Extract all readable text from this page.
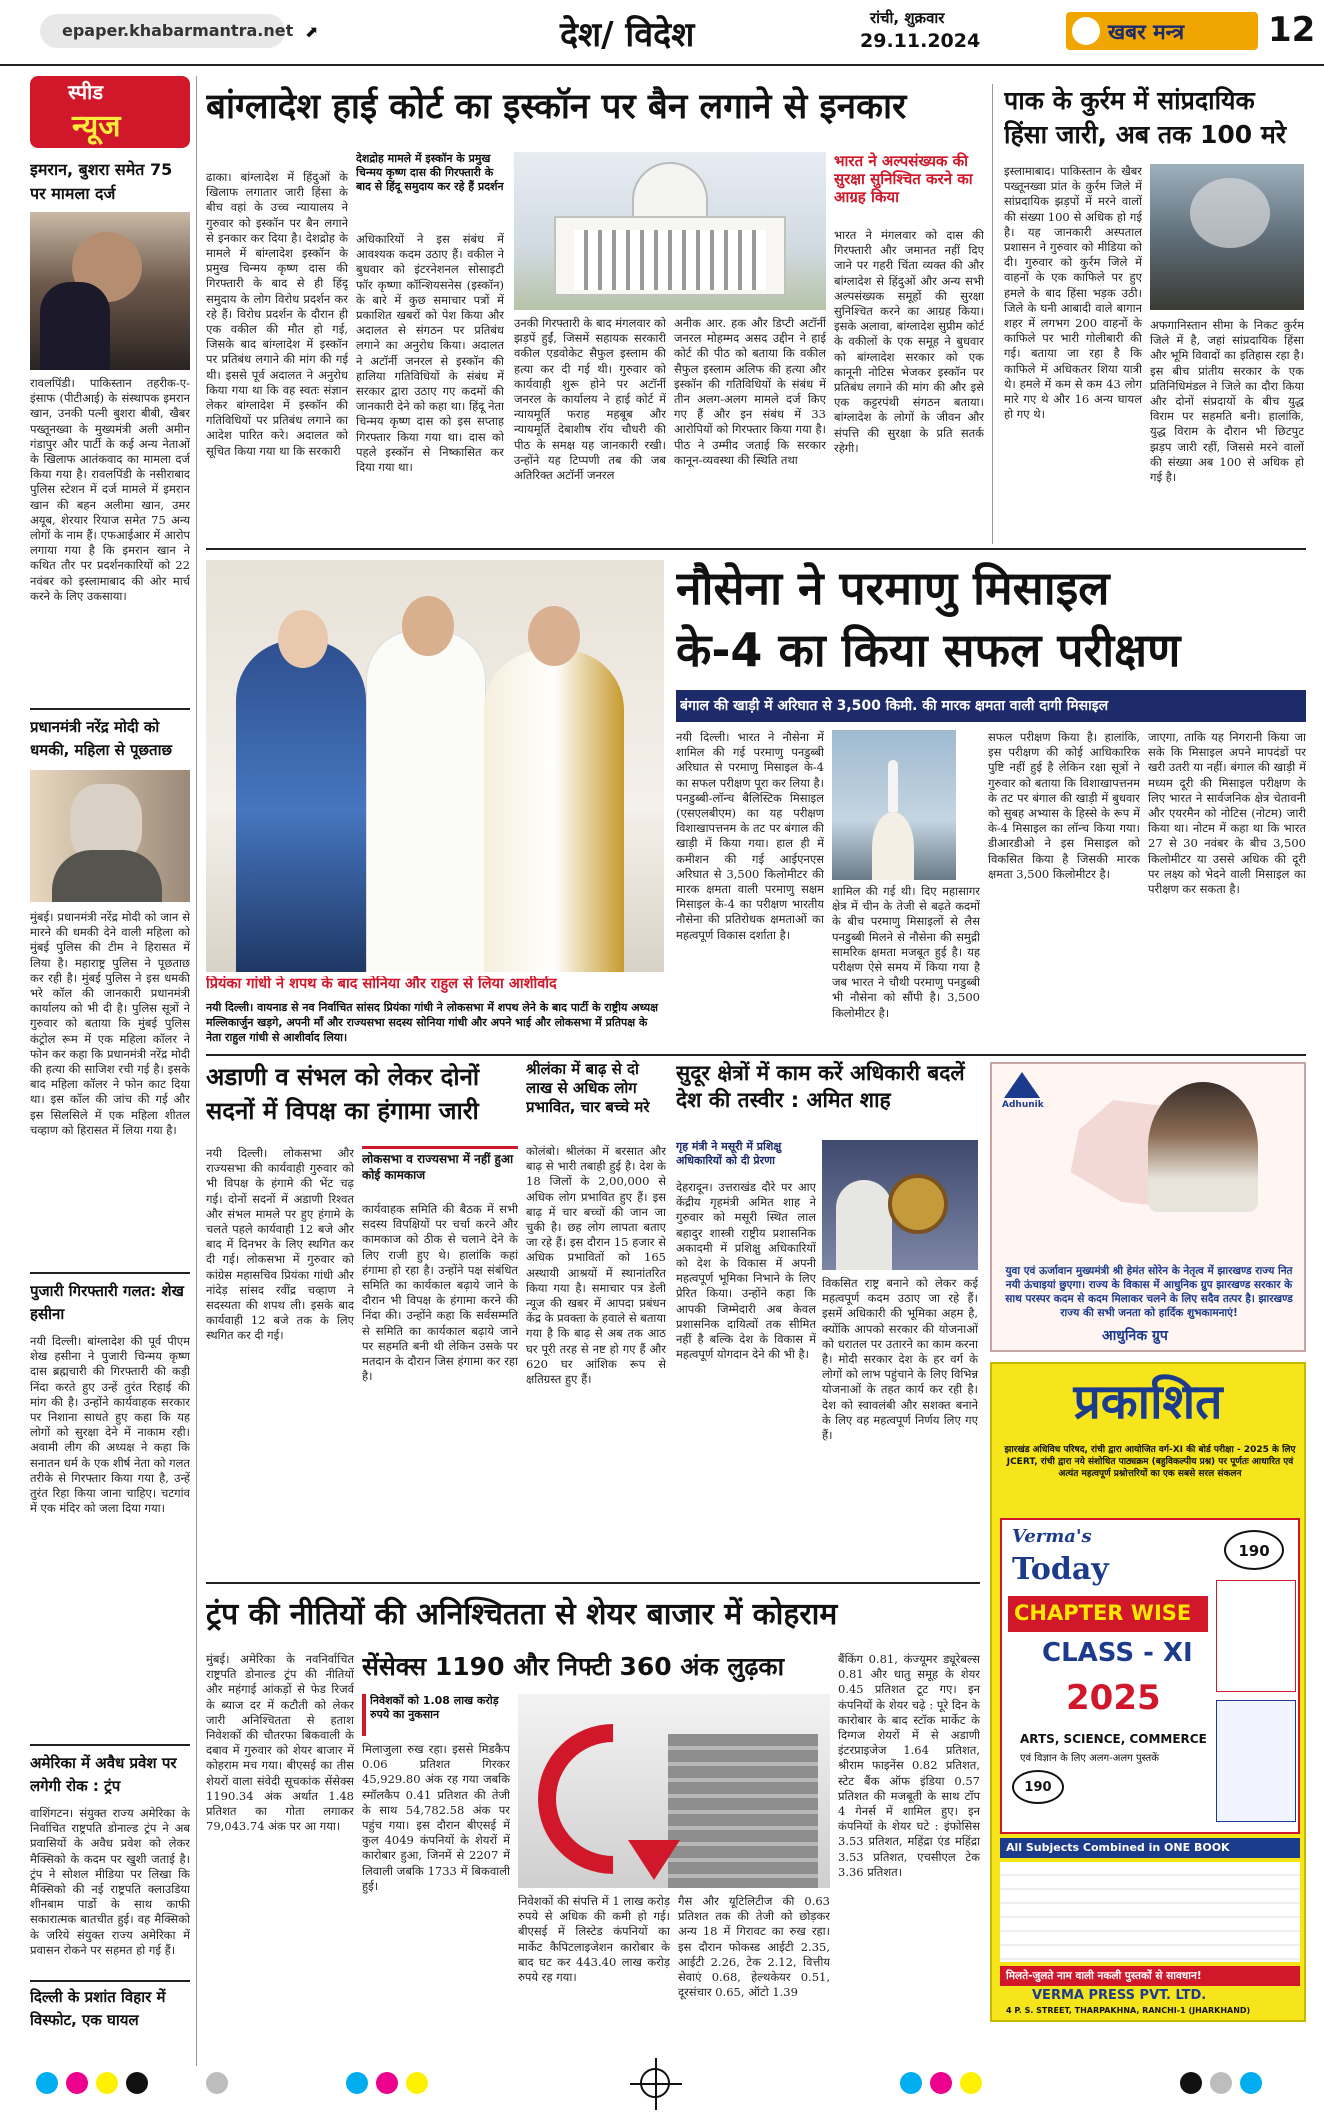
epaper.khabarmantra.net ⬈	देश/ विदेश	रांची, शुक्रवार
29.11.2024	खबर मन्त्र 12
स्पीड
न्यूज
इमरान, बुशरा समेत 75 पर मामला दर्ज
रावलपिंडी। पाकिस्तान तहरीक-ए-इंसाफ (पीटीआई) के संस्थापक इमरान खान, उनकी पत्नी बुशरा बीबी, खैबर पख्तूनख्वा के मुख्यमंत्री अली अमीन गंडापुर और पार्टी के कई अन्य नेताओं के खिलाफ आतंकवाद का मामला दर्ज किया गया है। रावलपिंडी के नसीराबाद पुलिस स्टेशन में दर्ज मामले में इमरान खान की बहन अलीमा खान, उमर अयूब, शेरयार रियाज समेत 75 अन्य लोगों के नाम हैं। एफआईआर में आरोप लगाया गया है कि इमरान खान ने कथित तौर पर प्रदर्शनकारियों को 22 नवंबर को इस्लामाबाद की ओर मार्च करने के लिए उकसाया।
प्रधानमंत्री नरेंद्र मोदी को धमकी, महिला से पूछताछ
मुंबई। प्रधानमंत्री नरेंद्र मोदी को जान से मारने की धमकी देने वाली महिला को मुंबई पुलिस की टीम ने हिरासत में लिया है। महाराष्ट्र पुलिस ने पूछताछ कर रही है। मुंबई पुलिस ने इस धमकी भरे कॉल की जानकारी प्रधानमंत्री कार्यालय को भी दी है। पुलिस सूत्रों ने गुरुवार को बताया कि मुंबई पुलिस कंट्रोल रूम में एक महिला कॉलर ने फोन कर कहा कि प्रधानमंत्री नरेंद्र मोदी की हत्या की साजिश रची गई है। इसके बाद महिला कॉलर ने फोन काट दिया था। इस कॉल की जांच की गई और इस सिलसिले में एक महिला शीतल चव्हाण को हिरासत में लिया गया है।
पुजारी गिरफ्तारी गलत: शेख हसीना
नयी दिल्ली। बांग्लादेश की पूर्व पीएम शेख हसीना ने पुजारी चिन्मय कृष्ण दास ब्रह्मचारी की गिरफ्तारी की कड़ी निंदा करते हुए उन्हें तुरंत रिहाई की मांग की है। उन्होंने कार्यवाहक सरकार पर निशाना साधते हुए कहा कि यह लोगों को सुरक्षा देने में नाकाम रही। अवामी लीग की अध्यक्ष ने कहा कि सनातन धर्म के एक शीर्ष नेता को गलत तरीके से गिरफ्तार किया गया है, उन्हें तुरंत रिहा किया जाना चाहिए। चटगांव में एक मंदिर को जला दिया गया।
अमेरिका में अवैध प्रवेश पर लगेगी रोक : ट्रंप
वाशिंगटन। संयुक्त राज्य अमेरिका के निर्वाचित राष्ट्रपति डोनाल्ड ट्रंप ने अब प्रवासियों के अवैध प्रवेश को लेकर मैक्सिको के कदम पर खुशी जताई है। ट्रंप ने सोशल मीडिया पर लिखा कि मैक्सिको की नई राष्ट्रपति क्लाउडिया शीनबाम पार्डो के साथ काफी सकारात्मक बातचीत हुई। वह मैक्सिको के जरिये संयुक्त राज्य अमेरिका में प्रवासन रोकने पर सहमत हो गई हैं।
दिल्ली के प्रशांत विहार में विस्फोट, एक घायल
बांग्लादेश हाई कोर्ट का इस्कॉन पर बैन लगाने से इनकार
देशद्रोह मामले में इस्कॉन के प्रमुख चिन्मय कृष्ण दास की गिरफ्तारी के बाद से हिंदू समुदाय कर रहे हैं प्रदर्शन
ढाका। बांग्लादेश में हिंदुओं के खिलाफ लगातार जारी हिंसा के बीच वहां के उच्च न्यायालय ने गुरुवार को इस्कॉन पर बैन लगाने से इनकार कर दिया है। देशद्रोह के मामले में बांग्लादेश इस्कॉन के प्रमुख चिन्मय कृष्ण दास की गिरफ्तारी के बाद से ही हिंदू समुदाय के लोग विरोध प्रदर्शन कर रहे हैं। विरोध प्रदर्शन के दौरान ही एक वकील की मौत हो गई, जिसके बाद बांग्लादेश में इस्कॉन पर प्रतिबंध लगाने की मांग की गई थी। इससे पूर्व अदालत ने अनुरोध किया गया था कि वह स्वतः संज्ञान लेकर बांग्लादेश में इस्कॉन की गतिविधियों पर प्रतिबंध लगाने का आदेश पारित करे। अदालत को सूचित किया गया था कि सरकारी
अधिकारियों ने इस संबंध में आवश्यक कदम उठाए हैं। वकील ने बुधवार को इंटरनेशनल सोसाइटी फॉर कृष्णा कॉन्शियसनेस (इस्कॉन) के बारे में कुछ समाचार पत्रों में प्रकाशित खबरों को पेश किया और अदालत से संगठन पर प्रतिबंध लगाने का अनुरोध किया। अदालत ने अटॉर्नी जनरल से इस्कॉन की हालिया गतिविधियों के संबंध में सरकार द्वारा उठाए गए कदमों की जानकारी देने को कहा था। हिंदू नेता चिन्मय कृष्ण दास को इस सप्ताह गिरफ्तार किया गया था। दास को पहले इस्कॉन से निष्कासित कर दिया गया था।
उनकी गिरफ्तारी के बाद मंगलवार को झड़पें हुईं, जिसमें सहायक सरकारी वकील एडवोकेट सैफुल इस्लाम की हत्या कर दी गई थी। गुरुवार को कार्यवाही शुरू होने पर अटॉर्नी जनरल के कार्यालय ने हाई कोर्ट में न्यायमूर्ति फराह महबूब और न्यायमूर्ति देबाशीष रॉय चौधरी की पीठ के समक्ष यह जानकारी रखी। उन्होंने यह टिप्पणी तब की जब अतिरिक्त अटॉर्नी जनरल
अनीक आर. हक और डिप्टी अटॉर्नी जनरल मोहम्मद असद उद्दीन ने हाई कोर्ट की पीठ को बताया कि वकील सैफुल इस्लाम अलिफ की हत्या और इस्कॉन की गतिविधियों के संबंध में तीन अलग-अलग मामले दर्ज किए गए हैं और इन संबंध में 33 आरोपियों को गिरफ्तार किया गया है। पीठ ने उम्मीद जताई कि सरकार कानून-व्यवस्था की स्थिति तथा
भारत ने अल्पसंख्यक की सुरक्षा सुनिश्चित करने का आग्रह किया
भारत ने मंगलवार को दास की गिरफ्तारी और जमानत नहीं दिए जाने पर गहरी चिंता व्यक्त की और बांग्लादेश से हिंदुओं और अन्य सभी अल्पसंख्यक समूहों की सुरक्षा सुनिश्चित करने का आग्रह किया। इसके अलावा, बांग्लादेश सुप्रीम कोर्ट के वकीलों के एक समूह ने बुधवार को बांग्लादेश सरकार को एक कानूनी नोटिस भेजकर इस्कॉन पर प्रतिबंध लगाने की मांग की और इसे एक कट्टरपंथी संगठन बताया। बांग्लादेश के लोगों के जीवन और संपत्ति की सुरक्षा के प्रति सतर्क रहेगी।
पाक के कुर्रम में सांप्रदायिक हिंसा जारी, अब तक 100 मरे
इस्लामाबाद। पाकिस्तान के खैबर पख्तूनख्वा प्रांत के कुर्रम जिले में सांप्रदायिक झड़पों में मरने वालों की संख्या 100 से अधिक हो गई है। यह जानकारी अस्पताल प्रशासन ने गुरुवार को मीडिया को दी। गुरुवार को कुर्रम जिले में वाहनों के एक काफिले पर हुए हमले के बाद हिंसा भड़क उठी। जिले के घनी आबादी वाले बागान शहर में लगभग 200 वाहनों के काफिले पर भारी गोलीबारी की गई। बताया जा रहा है कि काफिले में अधिकतर शिया यात्री थे। हमले में कम से कम 43 लोग मारे गए थे और 16 अन्य घायल हो गए थे।
अफगानिस्तान सीमा के निकट कुर्रम जिले में है, जहां सांप्रदायिक हिंसा और भूमि विवादों का इतिहास रहा है। इस बीच प्रांतीय सरकार के एक प्रतिनिधिमंडल ने जिले का दौरा किया और दोनों संप्रदायों के बीच युद्ध विराम पर सहमति बनी। हालांकि, युद्ध विराम के दौरान भी छिटपुट झड़प जारी रहीं, जिससे मरने वालों की संख्या अब 100 से अधिक हो गई है।
प्रियंका गांधी ने शपथ के बाद सोनिया और राहुल से लिया आशीर्वाद
नयी दिल्ली। वायनाड से नव निर्वाचित सांसद प्रियंका गांधी ने लोकसभा में शपथ लेने के बाद पार्टी के राष्ट्रीय अध्यक्ष मल्लिकार्जुन खड़गे, अपनी माँ और राज्यसभा सदस्य सोनिया गांधी और अपने भाई और लोकसभा में प्रतिपक्ष के नेता राहुल गांधी से आशीर्वाद लिया।
नौसेना ने परमाणु मिसाइल
के-4 का किया सफल परीक्षण
बंगाल की खाड़ी में अरिघात से 3,500 किमी. की मारक क्षमता वाली दागी मिसाइल
नयी दिल्ली। भारत ने नौसेना में शामिल की गई परमाणु पनडुब्बी अरिघात से परमाणु मिसाइल के-4 का सफल परीक्षण पूरा कर लिया है। पनडुब्बी-लॉन्च बैलिस्टिक मिसाइल (एसएलबीएम) का यह परीक्षण विशाखापत्तनम के तट पर बंगाल की खाड़ी में किया गया। हाल ही में कमीशन की गई आईएनएस अरिघात से 3,500 किलोमीटर की मारक क्षमता वाली परमाणु सक्षम मिसाइल के-4 का परीक्षण भारतीय नौसेना की प्रतिरोधक क्षमताओं का महत्वपूर्ण विकास दर्शाता है।
शामिल की गई थी। दिए महासागर क्षेत्र में चीन के तेजी से बढ़ते कदमों के बीच परमाणु मिसाइलों से लैस पनडुब्बी मिलने से नौसेना की समुद्री सामरिक क्षमता मजबूत हुई है। यह परीक्षण ऐसे समय में किया गया है जब भारत ने चौथी परमाणु पनडुब्बी भी नौसेना को सौंपी है। 3,500 किलोमीटर है।
सफल परीक्षण किया है। हालांकि, इस परीक्षण की कोई आधिकारिक पुष्टि नहीं हुई है लेकिन रक्षा सूत्रों ने गुरुवार को बताया कि विशाखापत्तनम के तट पर बंगाल की खाड़ी में बुधवार को सुबह अभ्यास के हिस्से के रूप में के-4 मिसाइल का लॉन्च किया गया। डीआरडीओ ने इस मिसाइल को विकसित किया है जिसकी मारक क्षमता 3,500 किलोमीटर है।
जाएगा, ताकि यह निगरानी किया जा सके कि मिसाइल अपने मापदंडों पर खरी उतरी या नहीं। बंगाल की खाड़ी में मध्यम दूरी की मिसाइल परीक्षण के लिए भारत ने सार्वजनिक क्षेत्र चेतावनी और एयरमैन को नोटिस (नोटम) जारी किया था। नोटम में कहा था कि भारत 27 से 30 नवंबर के बीच 3,500 किलोमीटर या उससे अधिक की दूरी पर लक्ष्य को भेदने वाली मिसाइल का परीक्षण कर सकता है।
अडाणी व संभल को लेकर दोनों सदनों में विपक्ष का हंगामा जारी
नयी दिल्ली। लोकसभा और राज्यसभा की कार्यवाही गुरुवार को भी विपक्ष के हंगामे की भेंट चढ़ गई। दोनों सदनों में अडाणी रिश्वत और संभल मामले पर हुए हंगामे के चलते पहले कार्यवाही 12 बजे और बाद में दिनभर के लिए स्थगित कर दी गई। लोकसभा में गुरुवार को कांग्रेस महासचिव प्रियंका गांधी और नांदेड़ सांसद रवींद्र चव्हाण ने सदस्यता की शपथ ली। इसके बाद कार्यवाही 12 बजे तक के लिए स्थगित कर दी गई।
लोकसभा व राज्यसभा में नहीं हुआ कोई कामकाज
कार्यवाहक समिति की बैठक में सभी सदस्य विपक्षियों पर चर्चा करने और कामकाज को ठीक से चलाने देने के लिए राजी हुए थे। हालांकि कहां हंगामा हो रहा है। उन्होंने पक्ष संबंधित समिति का कार्यकाल बढ़ाये जाने के दौरान भी विपक्ष के हंगामा करने की निंदा की। उन्होंने कहा कि सर्वसम्मति से समिति का कार्यकाल बढ़ाये जाने पर सहमति बनी थी लेकिन उसके पर मतदान के दौरान जिस हंगामा कर रहा है।
श्रीलंका में बाढ़ से दो लाख से अधिक लोग प्रभावित, चार बच्चे मरे
कोलंबो। श्रीलंका में बरसात और बाढ़ से भारी तबाही हुई है। देश के 18 जिलों के 2,00,000 से अधिक लोग प्रभावित हुए हैं। इस बाढ़ में चार बच्चों की जान जा चुकी है। छह लोग लापता बताए जा रहे हैं। इस दौरान 15 हजार से अधिक प्रभावितों को 165 अस्थायी आश्रयों में स्थानांतरित किया गया है। समाचार पत्र डेली न्यूज की खबर में आपदा प्रबंधन केंद्र के प्रवक्ता के हवाले से बताया गया है कि बाढ़ से अब तक आठ घर पूरी तरह से नष्ट हो गए हैं और 620 घर आंशिक रूप से क्षतिग्रस्त हुए हैं।
सुदूर क्षेत्रों में काम करें अधिकारी बदलें देश की तस्वीर : अमित शाह
गृह मंत्री ने मसूरी में प्रशिक्षु अधिकारियों को दी प्रेरणा
देहरादून। उत्तराखंड दौरे पर आए केंद्रीय गृहमंत्री अमित शाह ने गुरुवार को मसूरी स्थित लाल बहादुर शास्त्री राष्ट्रीय प्रशासनिक अकादमी में प्रशिक्षु अधिकारियों को देश के विकास में अपनी महत्वपूर्ण भूमिका निभाने के लिए प्रेरित किया। उन्होंने कहा कि आपकी जिम्मेदारी अब केवल प्रशासनिक दायित्वों तक सीमित नहीं है बल्कि देश के विकास में महत्वपूर्ण योगदान देने की भी है।
विकसित राष्ट्र बनाने को लेकर कई महत्वपूर्ण कदम उठाए जा रहे हैं। इसमें अधिकारी की भूमिका अहम है, क्योंकि आपको सरकार की योजनाओं को धरातल पर उतारने का काम करना है। मोदी सरकार देश के हर वर्ग के लोगों को लाभ पहुंचाने के लिए विभिन्न योजनाओं के तहत कार्य कर रही है। देश को स्वावलंबी और सशक्त बनाने के लिए वह महत्वपूर्ण निर्णय लिए गए हैं।
Adhunik
युवा एवं ऊर्जावान मुख्यमंत्री श्री हेमंत सोरेन के नेतृत्व में झारखण्ड राज्य नित नयी ऊंचाइयां छुएगा। राज्य के विकास में आधुनिक ग्रुप झारखण्ड सरकार के साथ परस्पर कदम से कदम मिलाकर चलने के लिए सदैव तत्पर है। झारखण्ड राज्य की सभी जनता को हार्दिक शुभकामनाएं!
आधुनिक ग्रुप
प्रकाशित
झारखंड अधिविध परिषद, रांची द्वारा आयोजित वर्ग-XI की बोर्ड परीक्षा - 2025 के लिए JCERT, रांची द्वारा नये संशोधित पाठ्यक्रम (बहुविकल्पीय प्रश्न) पर पूर्णतः आधारित एवं अत्यंत महत्वपूर्ण प्रश्नोत्तरियों का एक सबसे सरल संकलन
Verma's
Today
CHAPTER WISE
CLASS - XI
2025
ARTS, SCIENCE, COMMERCE
एवं विज्ञान के लिए अलग-अलग पुस्तकें
190
190
All Subjects Combined in ONE BOOK
मिलते-जुलते नाम वाली नकली पुस्तकों से सावधान!
VERMA PRESS PVT. LTD.
4 P. S. STREET, THARPAKHNA, RANCHI-1 (JHARKHAND)
ट्रंप की नीतियों की अनिश्चितता से शेयर बाजार में कोहराम
सेंसेक्स 1190 और निफ्टी 360 अंक लुढ़का
मुंबई। अमेरिका के नवनिर्वाचित राष्ट्रपति डोनाल्ड ट्रंप की नीतियों और महंगाई आंकड़ों से फेड रिजर्व के ब्याज दर में कटौती को लेकर जारी अनिश्चितता से हताश निवेशकों की चौतरफा बिकवाली के दबाव में गुरुवार को शेयर बाजार में कोहराम मच गया। बीएसई का तीस शेयरों वाला संवेदी सूचकांक सेंसेक्स 1190.34 अंक अर्थात 1.48 प्रतिशत का गोता लगाकर 79,043.74 अंक पर आ गया।
निवेशकों को 1.08 लाख करोड़ रुपये का नुकसान
मिलाजुला रुख रहा। इससे मिडकैप 0.06 प्रतिशत गिरकर 45,929.80 अंक रह गया जबकि स्मॉलकैप 0.41 प्रतिशत की तेजी के साथ 54,782.58 अंक पर पहुंच गया। इस दौरान बीएसई में कुल 4049 कंपनियों के शेयरों में कारोबार हुआ, जिनमें से 2207 में लिवाली जबकि 1733 में बिकवाली हुई।
निवेशकों की संपत्ति में 1 लाख करोड़ रुपये से अधिक की कमी हो गई। बीएसई में लिस्टेड कंपनियों का मार्केट कैपिटलाइजेशन कारोबार के बाद घट कर 443.40 लाख करोड़ रुपये रह गया।
गैस और यूटिलिटीज की 0.63 प्रतिशत तक की तेजी को छोड़कर अन्य 18 में गिरावट का रुख रहा। इस दौरान फोकस्ड आईटी 2.35, आईटी 2.26, टेक 2.12, वित्तीय सेवाएं 0.68, हेल्थकेयर 0.51, दूरसंचार 0.65, ऑटो 1.39
बैंकिंग 0.81, कंज्यूमर ड्यूरेबल्स 0.81 और धातु समूह के शेयर 0.45 प्रतिशत टूट गए। इन कंपनियों के शेयर चढ़े : पूरे दिन के कारोबार के बाद स्टॉक मार्केट के दिग्गज शेयरों में से अडाणी इंटरप्राइजेज 1.64 प्रतिशत, श्रीराम फाइनेंस 0.82 प्रतिशत, स्टेट बैंक ऑफ इंडिया 0.57 प्रतिशत की मजबूती के साथ टॉप 4 गेनर्स में शामिल हुए। इन कंपनियों के शेयर घटे : इंफोसिस 3.53 प्रतिशत, महिंद्रा एंड महिंद्रा 3.53 प्रतिशत, एचसीएल टेक 3.36 प्रतिशत।
